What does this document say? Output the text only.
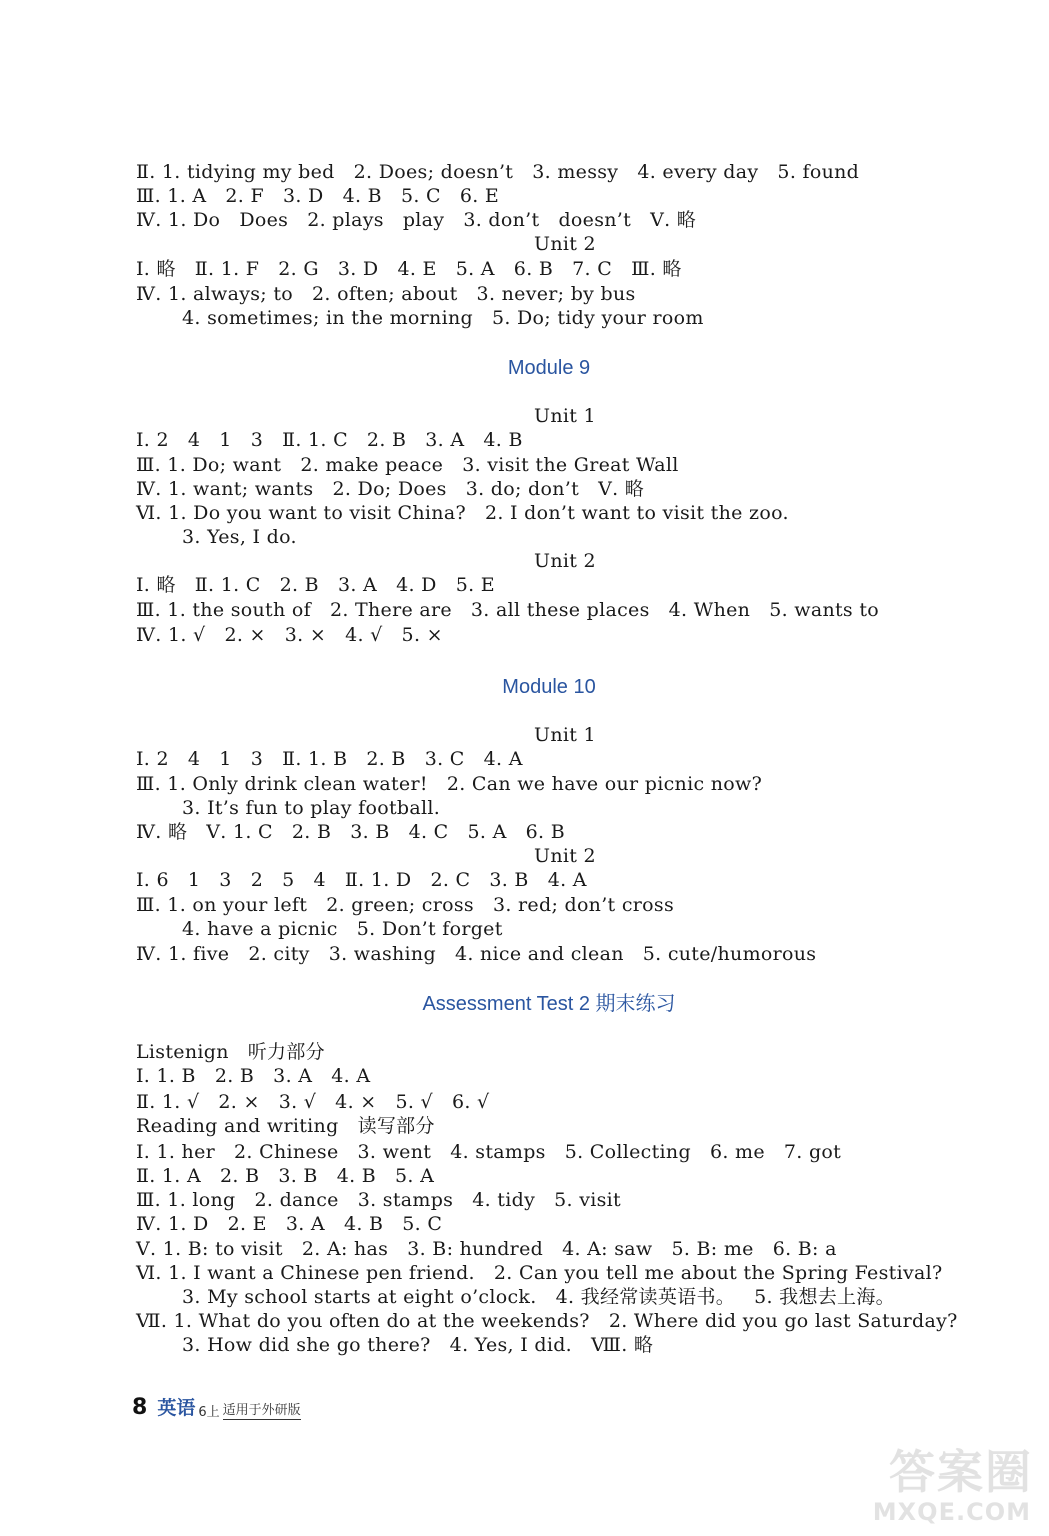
Ⅱ. 1. tidying my bed   2. Does; doesn’t   3. messy   4. every day   5. found
Ⅲ. 1. A   2. F   3. D   4. B   5. C   6. E
Ⅳ. 1. Do   Does   2. plays   play   3. don’t   doesn’t   Ⅴ. 略
Unit 2
Ⅰ. 略   Ⅱ. 1. F   2. G   3. D   4. E   5. A   6. B   7. C   Ⅲ. 略
Ⅳ. 1. always; to   2. often; about   3. never; by bus
4. sometimes; in the morning   5. Do; tidy your room
Module 9
Unit 1
Ⅰ. 2   4   1   3   Ⅱ. 1. C   2. B   3. A   4. B
Ⅲ. 1. Do; want   2. make peace   3. visit the Great Wall
Ⅳ. 1. want; wants   2. Do; Does   3. do; don’t   Ⅴ. 略
Ⅵ. 1. Do you want to visit China?   2. I don’t want to visit the zoo.
3. Yes, I do.
Unit 2
Ⅰ. 略   Ⅱ. 1. C   2. B   3. A   4. D   5. E
Ⅲ. 1. the south of   2. There are   3. all these places   4. When   5. wants to
Ⅳ. 1. √   2. ×   3. ×   4. √   5. ×
Module 10
Unit 1
Ⅰ. 2   4   1   3   Ⅱ. 1. B   2. B   3. C   4. A
Ⅲ. 1. Only drink clean water!   2. Can we have our picnic now?
3. It’s fun to play football.
Ⅳ. 略   Ⅴ. 1. C   2. B   3. B   4. C   5. A   6. B
Unit 2
Ⅰ. 6   1   3   2   5   4   Ⅱ. 1. D   2. C   3. B   4. A
Ⅲ. 1. on your left   2. green; cross   3. red; don’t cross
4. have a picnic   5. Don’t forget
Ⅳ. 1. five   2. city   3. washing   4. nice and clean   5. cute/humorous
Assessment Test 2 期末练习
Listenign   听力部分
Ⅰ. 1. B   2. B   3. A   4. A
Ⅱ. 1. √   2. ×   3. √   4. ×   5. √   6. √
Reading and writing   读写部分
Ⅰ. 1. her   2. Chinese   3. went   4. stamps   5. Collecting   6. me   7. got
Ⅱ. 1. A   2. B   3. B   4. B   5. A
Ⅲ. 1. long   2. dance   3. stamps   4. tidy   5. visit
Ⅳ. 1. D   2. E   3. A   4. B   5. C
Ⅴ. 1. B: to visit   2. A: has   3. B: hundred   4. A: saw   5. B: me   6. B: a
Ⅵ. 1. I want a Chinese pen friend.   2. Can you tell me about the Spring Festival?
3. My school starts at eight o’clock.   4. 我经常读英语书。   5. 我想去上海。
Ⅶ. 1. What do you often do at the weekends?   2. Where did you go last Saturday?
3. How did she go there?   4. Yes, I did.   Ⅷ. 略
8 英语 6上 适用于外研版
答案圈
MXQE.COM
